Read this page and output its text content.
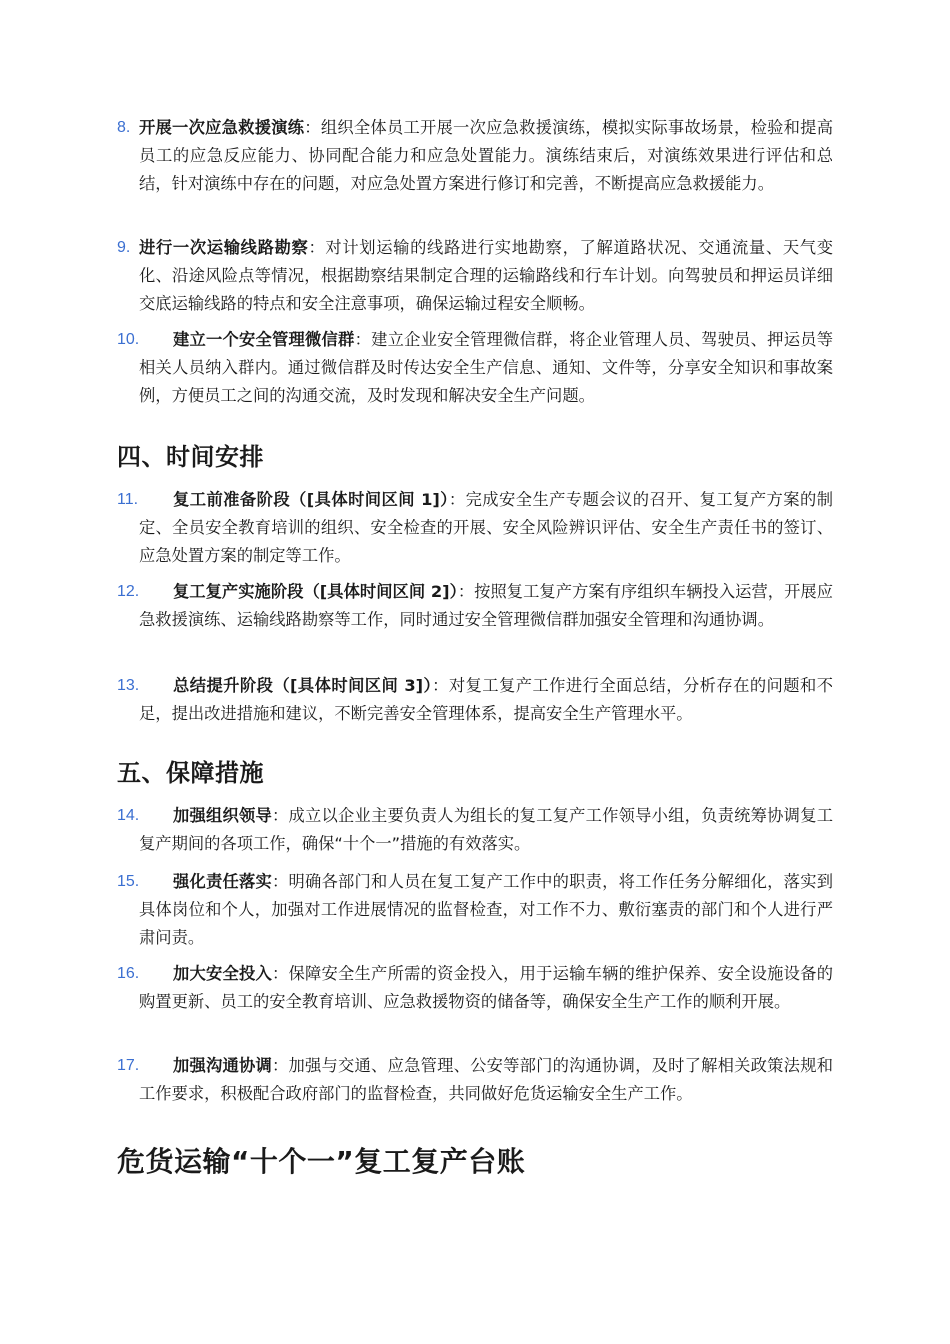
8. 开展一次应急救援演练：组织全体员工开展一次应急救援演练，模拟实际事故场景，检验和提高员工的应急反应能力、协同配合能力和应急处置能力。演练结束后，对演练效果进行评估和总结，针对演练中存在的问题，对应急处置方案进行修订和完善，不断提高应急救援能力。

9. 进行一次运输线路勘察：对计划运输的线路进行实地勘察，了解道路状况、交通流量、天气变化、沿途风险点等情况，根据勘察结果制定合理的运输路线和行车计划。向驾驶员和押运员详细交底运输线路的特点和安全注意事项，确保运输过程安全顺畅。

10.	建立一个安全管理微信群：建立企业安全管理微信群，将企业管理人员、驾驶员、押运员等相关人员纳入群内。通过微信群及时传达安全生产信息、通知、文件等，分享安全知识和事故案例，方便员工之间的沟通交流，及时发现和解决安全生产问题。

四、时间安排
11.	复工前准备阶段（[具体时间区间 1]）：完成安全生产专题会议的召开、复工复产方案的制定、全员安全教育培训的组织、安全检查的开展、安全风险辨识评估、安全生产责任书的签订、应急处置方案的制定等工作。

12.	复工复产实施阶段（[具体时间区间 2]）：按照复工复产方案有序组织车辆投入运营，开展应急救援演练、运输线路勘察等工作，同时通过安全管理微信群加强安全管理和沟通协调。

13.	总结提升阶段（[具体时间区间 3]）：对复工复产工作进行全面总结，分析存在的问题和不足，提出改进措施和建议，不断完善安全管理体系，提高安全生产管理水平。

五、保障措施
14.	加强组织领导：成立以企业主要负责人为组长的复工复产工作领导小组，负责统筹协调复工复产期间的各项工作，确保“十个一”措施的有效落实。

15.	强化责任落实：明确各部门和人员在复工复产工作中的职责，将工作任务分解细化，落实到具体岗位和个人，加强对工作进展情况的监督检查，对工作不力、敷衍塞责的部门和个人进行严肃问责。

16.	加大安全投入：保障安全生产所需的资金投入，用于运输车辆的维护保养、安全设施设备的购置更新、员工的安全教育培训、应急救援物资的储备等，确保安全生产工作的顺利开展。

17.	加强沟通协调：加强与交通、应急管理、公安等部门的沟通协调，及时了解相关政策法规和工作要求，积极配合政府部门的监督检查，共同做好危货运输安全生产工作。

危货运输“十个一”复工复产台账
